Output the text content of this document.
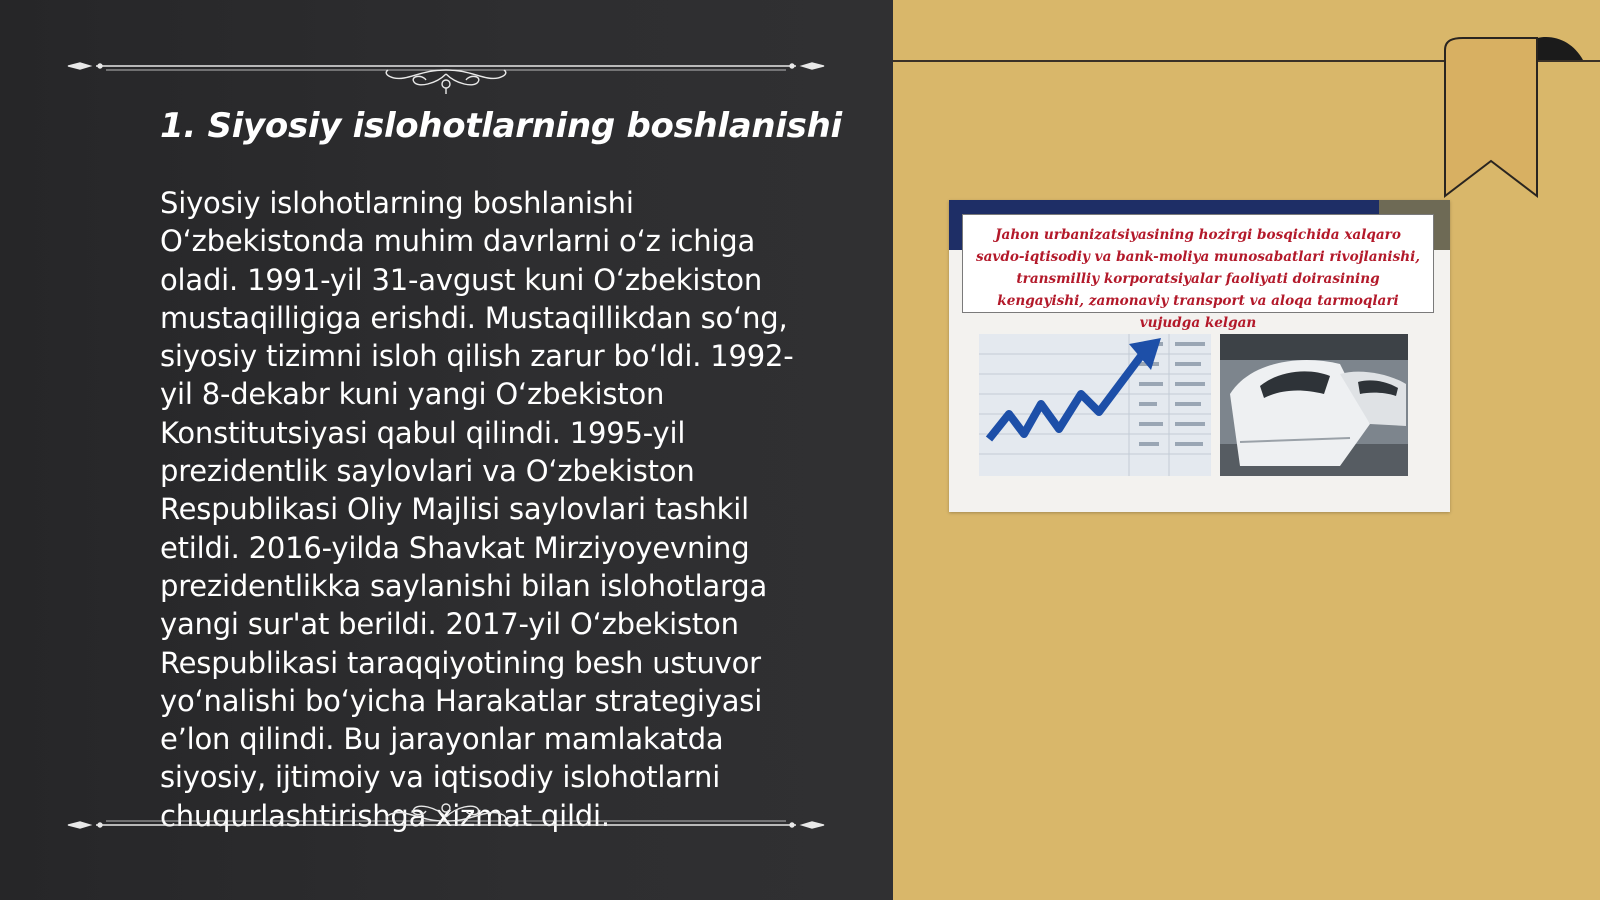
1. Siyosiy islohotlarning boshlanishi

Siyosiy islohotlarning boshlanishi O‘zbekistonda muhim davrlarni o‘z ichiga oladi. 1991-yil 31-avgust kuni O‘zbekiston mustaqilligiga erishdi. Mustaqillikdan so‘ng, siyosiy tizimni isloh qilish zarur bo‘ldi. 1992-yil 8-dekabr kuni yangi O‘zbekiston Konstitutsiyasi qabul qilindi. 1995-yil prezidentlik saylovlari va O‘zbekiston Respublikasi Oliy Majlisi saylovlari tashkil etildi. 2016-yilda Shavkat Mirziyoyevning prezidentlikka saylanishi bilan islohotlarga yangi sur'at berildi. 2017-yil O‘zbekiston Respublikasi taraqqiyotining besh ustuvor yo‘nalishi bo‘yicha Harakatlar strategiyasi e’lon qilindi. Bu jarayonlar mamlakatda siyosiy, ijtimoiy va iqtisodiy islohotlarni chuqurlashtirishga xizmat qildi.

Jahon urbanizatsiyasining hozirgi bosqichida xalqaro savdo-iqtisodiy va bank-moliya munosabatlari rivojlanishi, transmilliy korporatsiyalar faoliyati doirasining kengayishi, zamonaviy transport va aloqa tarmoqlari vujudga kelgan
